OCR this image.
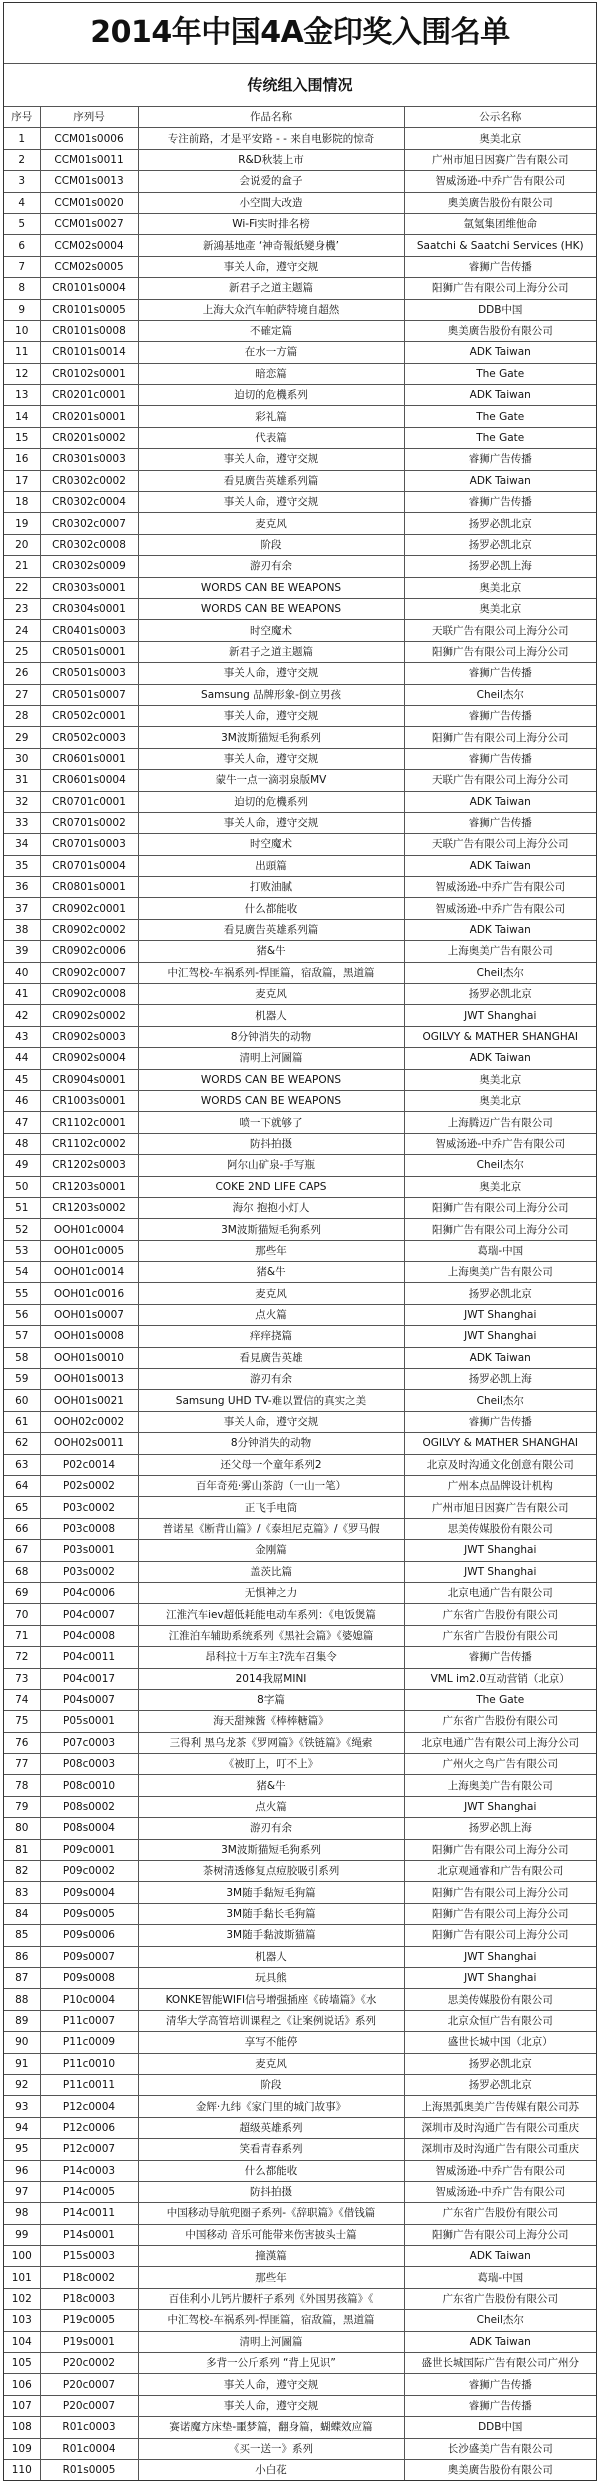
2014年中国4A金印奖入围名单
传统组入围情况
序号	序列号	作品名称	公示名称
1	CCM01s0006	专注前路，才是平安路 - - 来自电影院的惊奇	奥美北京
2	CCM01s0011	R&D秋装上市	广州市旭日因赛广告有限公司
3	CCM01s0013	会说爱的盒子	智威汤逊-中乔广告有限公司
4	CCM01s0020	小空間大改造	奧美廣告股份有限公司
5	CCM01s0027	Wi-Fi实时排名榜	氩氪集团维他命
6	CCM02s0004	新鴻基地產 ‘神奇報紙變身機’	Saatchi & Saatchi Services (HK)
7	CCM02s0005	事关人命，遵守交规	睿狮广告传播
8	CR0101s0004	新君子之道主题篇	阳狮广告有限公司上海分公司
9	CR0101s0005	上海大众汽车帕萨特境自超然	DDB中国
10	CR0101s0008	不確定篇	奧美廣告股份有限公司
11	CR0101s0014	在水一方篇	ADK Taiwan
12	CR0102s0001	暗恋篇	The Gate
13	CR0201c0001	迫切的危機系列	ADK Taiwan
14	CR0201s0001	彩礼篇	The Gate
15	CR0201s0002	代表篇	The Gate
16	CR0301s0003	事关人命，遵守交规	睿狮广告传播
17	CR0302c0002	看見廣告英雄系列篇	ADK Taiwan
18	CR0302c0004	事关人命，遵守交规	睿狮广告传播
19	CR0302c0007	麦克风	扬罗必凯北京
20	CR0302c0008	阶段	扬罗必凯北京
21	CR0302s0009	游刃有余	扬罗必凯上海
22	CR0303s0001	WORDS CAN BE WEAPONS	奥美北京
23	CR0304s0001	WORDS CAN BE WEAPONS	奥美北京
24	CR0401s0003	时空魔术	天联广告有限公司上海分公司
25	CR0501s0001	新君子之道主题篇	阳狮广告有限公司上海分公司
26	CR0501s0003	事关人命，遵守交规	睿狮广告传播
27	CR0501s0007	Samsung 品牌形象-倒立男孩	Cheil杰尔
28	CR0502c0001	事关人命，遵守交规	睿狮广告传播
29	CR0502c0003	3M波斯猫短毛狗系列	阳狮广告有限公司上海分公司
30	CR0601s0001	事关人命，遵守交规	睿狮广告传播
31	CR0601s0004	蒙牛一点一滴羽泉版MV	天联广告有限公司上海分公司
32	CR0701c0001	迫切的危機系列	ADK Taiwan
33	CR0701s0002	事关人命，遵守交规	睿狮广告传播
34	CR0701s0003	时空魔术	天联广告有限公司上海分公司
35	CR0701s0004	出頭篇	ADK Taiwan
36	CR0801s0001	打败油腻	智威汤逊-中乔广告有限公司
37	CR0902c0001	什么都能收	智威汤逊-中乔广告有限公司
38	CR0902c0002	看見廣告英雄系列篇	ADK Taiwan
39	CR0902c0006	猪&牛	上海奥美广告有限公司
40	CR0902c0007	中汇驾校-车祸系列-悍匪篇，宿敌篇，黑道篇	Cheil杰尔
41	CR0902c0008	麦克风	扬罗必凯北京
42	CR0902s0002	机器人	JWT Shanghai
43	CR0902s0003	8分钟消失的动物	OGILVY & MATHER SHANGHAI
44	CR0902s0004	清明上河圖篇	ADK Taiwan
45	CR0904s0001	WORDS CAN BE WEAPONS	奥美北京
46	CR1003s0001	WORDS CAN BE WEAPONS	奥美北京
47	CR1102c0001	喷一下就够了	上海腾迈广告有限公司
48	CR1102c0002	防抖拍摄	智威汤逊-中乔广告有限公司
49	CR1202s0003	阿尔山矿泉-手写瓶	Cheil杰尔
50	CR1203s0001	COKE 2ND LIFE CAPS	奥美北京
51	CR1203s0002	海尔 抱抱小灯人	阳狮广告有限公司上海分公司
52	OOH01c0004	3M波斯猫短毛狗系列	阳狮广告有限公司上海分公司
53	OOH01c0005	那些年	葛瑞-中国
54	OOH01c0014	猪&牛	上海奥美广告有限公司
55	OOH01c0016	麦克风	扬罗必凯北京
56	OOH01s0007	点火篇	JWT Shanghai
57	OOH01s0008	痒痒挠篇	JWT Shanghai
58	OOH01s0010	看見廣告英雄	ADK Taiwan
59	OOH01s0013	游刃有余	扬罗必凯上海
60	OOH01s0021	Samsung UHD TV-难以置信的真实之美	Cheil杰尔
61	OOH02c0002	事关人命，遵守交规	睿狮广告传播
62	OOH02s0011	8分钟消失的动物	OGILVY & MATHER SHANGHAI
63	P02c0014	还父母一个童年系列2	北京及时沟通文化创意有限公司
64	P02s0002	百年奇苑·雾山茶韵（一山一笔）	广州本点品牌设计机构
65	P03c0002	正飞手电筒	广州市旭日因赛广告有限公司
66	P03c0008	普诺星《断背山篇》/《泰坦尼克篇》/《罗马假	思美传媒股份有限公司
67	P03s0001	金刚篇	JWT Shanghai
68	P03s0002	盖茨比篇	JWT Shanghai
69	P04c0006	无惧神之力	北京电通广告有限公司
70	P04c0007	江淮汽车iev超低耗能电动车系列：《电饭煲篇	广东省广告股份有限公司
71	P04c0008	江淮泊车辅助系统系列《黑社会篇》《婆媳篇	广东省广告股份有限公司
72	P04c0011	昂科拉十万车主?洗车召集令	睿狮广告传播
73	P04c0017	2014我屌MINI	VML im2.0互动营销（北京）
74	P04s0007	8字篇	The Gate
75	P05s0001	海天甜辣酱《棒棒糖篇》	广东省广告股份有限公司
76	P07c0003	三得利 黑乌龙茶《罗网篇》《铁链篇》《绳索	北京电通广告有限公司上海分公司
77	P08c0003	《被盯上，叮不上》	广州火之鸟广告有限公司
78	P08c0010	猪&牛	上海奥美广告有限公司
79	P08s0002	点火篇	JWT Shanghai
80	P08s0004	游刃有余	扬罗必凯上海
81	P09c0001	3M波斯猫短毛狗系列	阳狮广告有限公司上海分公司
82	P09c0002	茶树清透修复点痘胶吸引系列	北京观通睿和广告有限公司
83	P09s0004	3M随手黏短毛狗篇	阳狮广告有限公司上海分公司
84	P09s0005	3M随手黏长毛狗篇	阳狮广告有限公司上海分公司
85	P09s0006	3M随手黏波斯猫篇	阳狮广告有限公司上海分公司
86	P09s0007	机器人	JWT Shanghai
87	P09s0008	玩具熊	JWT Shanghai
88	P10c0004	KONKE智能WIFI信号增强插座《砖墙篇》《水	思美传媒股份有限公司
89	P11c0007	清华大学高管培训课程之《让案例说话》系列	北京众恒广告有限公司
90	P11c0009	享写不能停	盛世长城中国（北京）
91	P11c0010	麦克风	扬罗必凯北京
92	P11c0011	阶段	扬罗必凯北京
93	P12c0004	金辉·九纬《家门里的城门故事》	上海黑弧奥美广告传媒有限公司苏
94	P12c0006	超级英雄系列	深圳市及时沟通广告有限公司重庆
95	P12c0007	笑看青春系列	深圳市及时沟通广告有限公司重庆
96	P14c0003	什么都能收	智威汤逊-中乔广告有限公司
97	P14c0005	防抖拍摄	智威汤逊-中乔广告有限公司
98	P14c0011	中国移动导航兜圈子系列-《辞职篇》《借钱篇	广东省广告股份有限公司
99	P14s0001	中国移动 音乐可能带来伤害披头士篇	阳狮广告有限公司上海分公司
100	P15s0003	撞漢篇	ADK Taiwan
101	P18c0002	那些年	葛瑞-中国
102	P18c0003	百佳利小儿钙片腰杆子系列《外国男孩篇》《	广东省广告股份有限公司
103	P19c0005	中汇驾校-车祸系列-悍匪篇，宿敌篇，黑道篇	Cheil杰尔
104	P19s0001	清明上河圖篇	ADK Taiwan
105	P20c0002	多背一公斤系列 “背上见识”	盛世长城国际广告有限公司广州分
106	P20c0007	事关人命，遵守交规	睿狮广告传播
107	P20c0007	事关人命，遵守交规	睿狮广告传播
108	R01c0003	赛诺魔方床垫-噩梦篇，翻身篇，蝴蝶效应篇	DDB中国
109	R01c0004	《买一送一》系列	长沙盛美广告有限公司
110	R01s0005	小白花	奧美廣告股份有限公司
